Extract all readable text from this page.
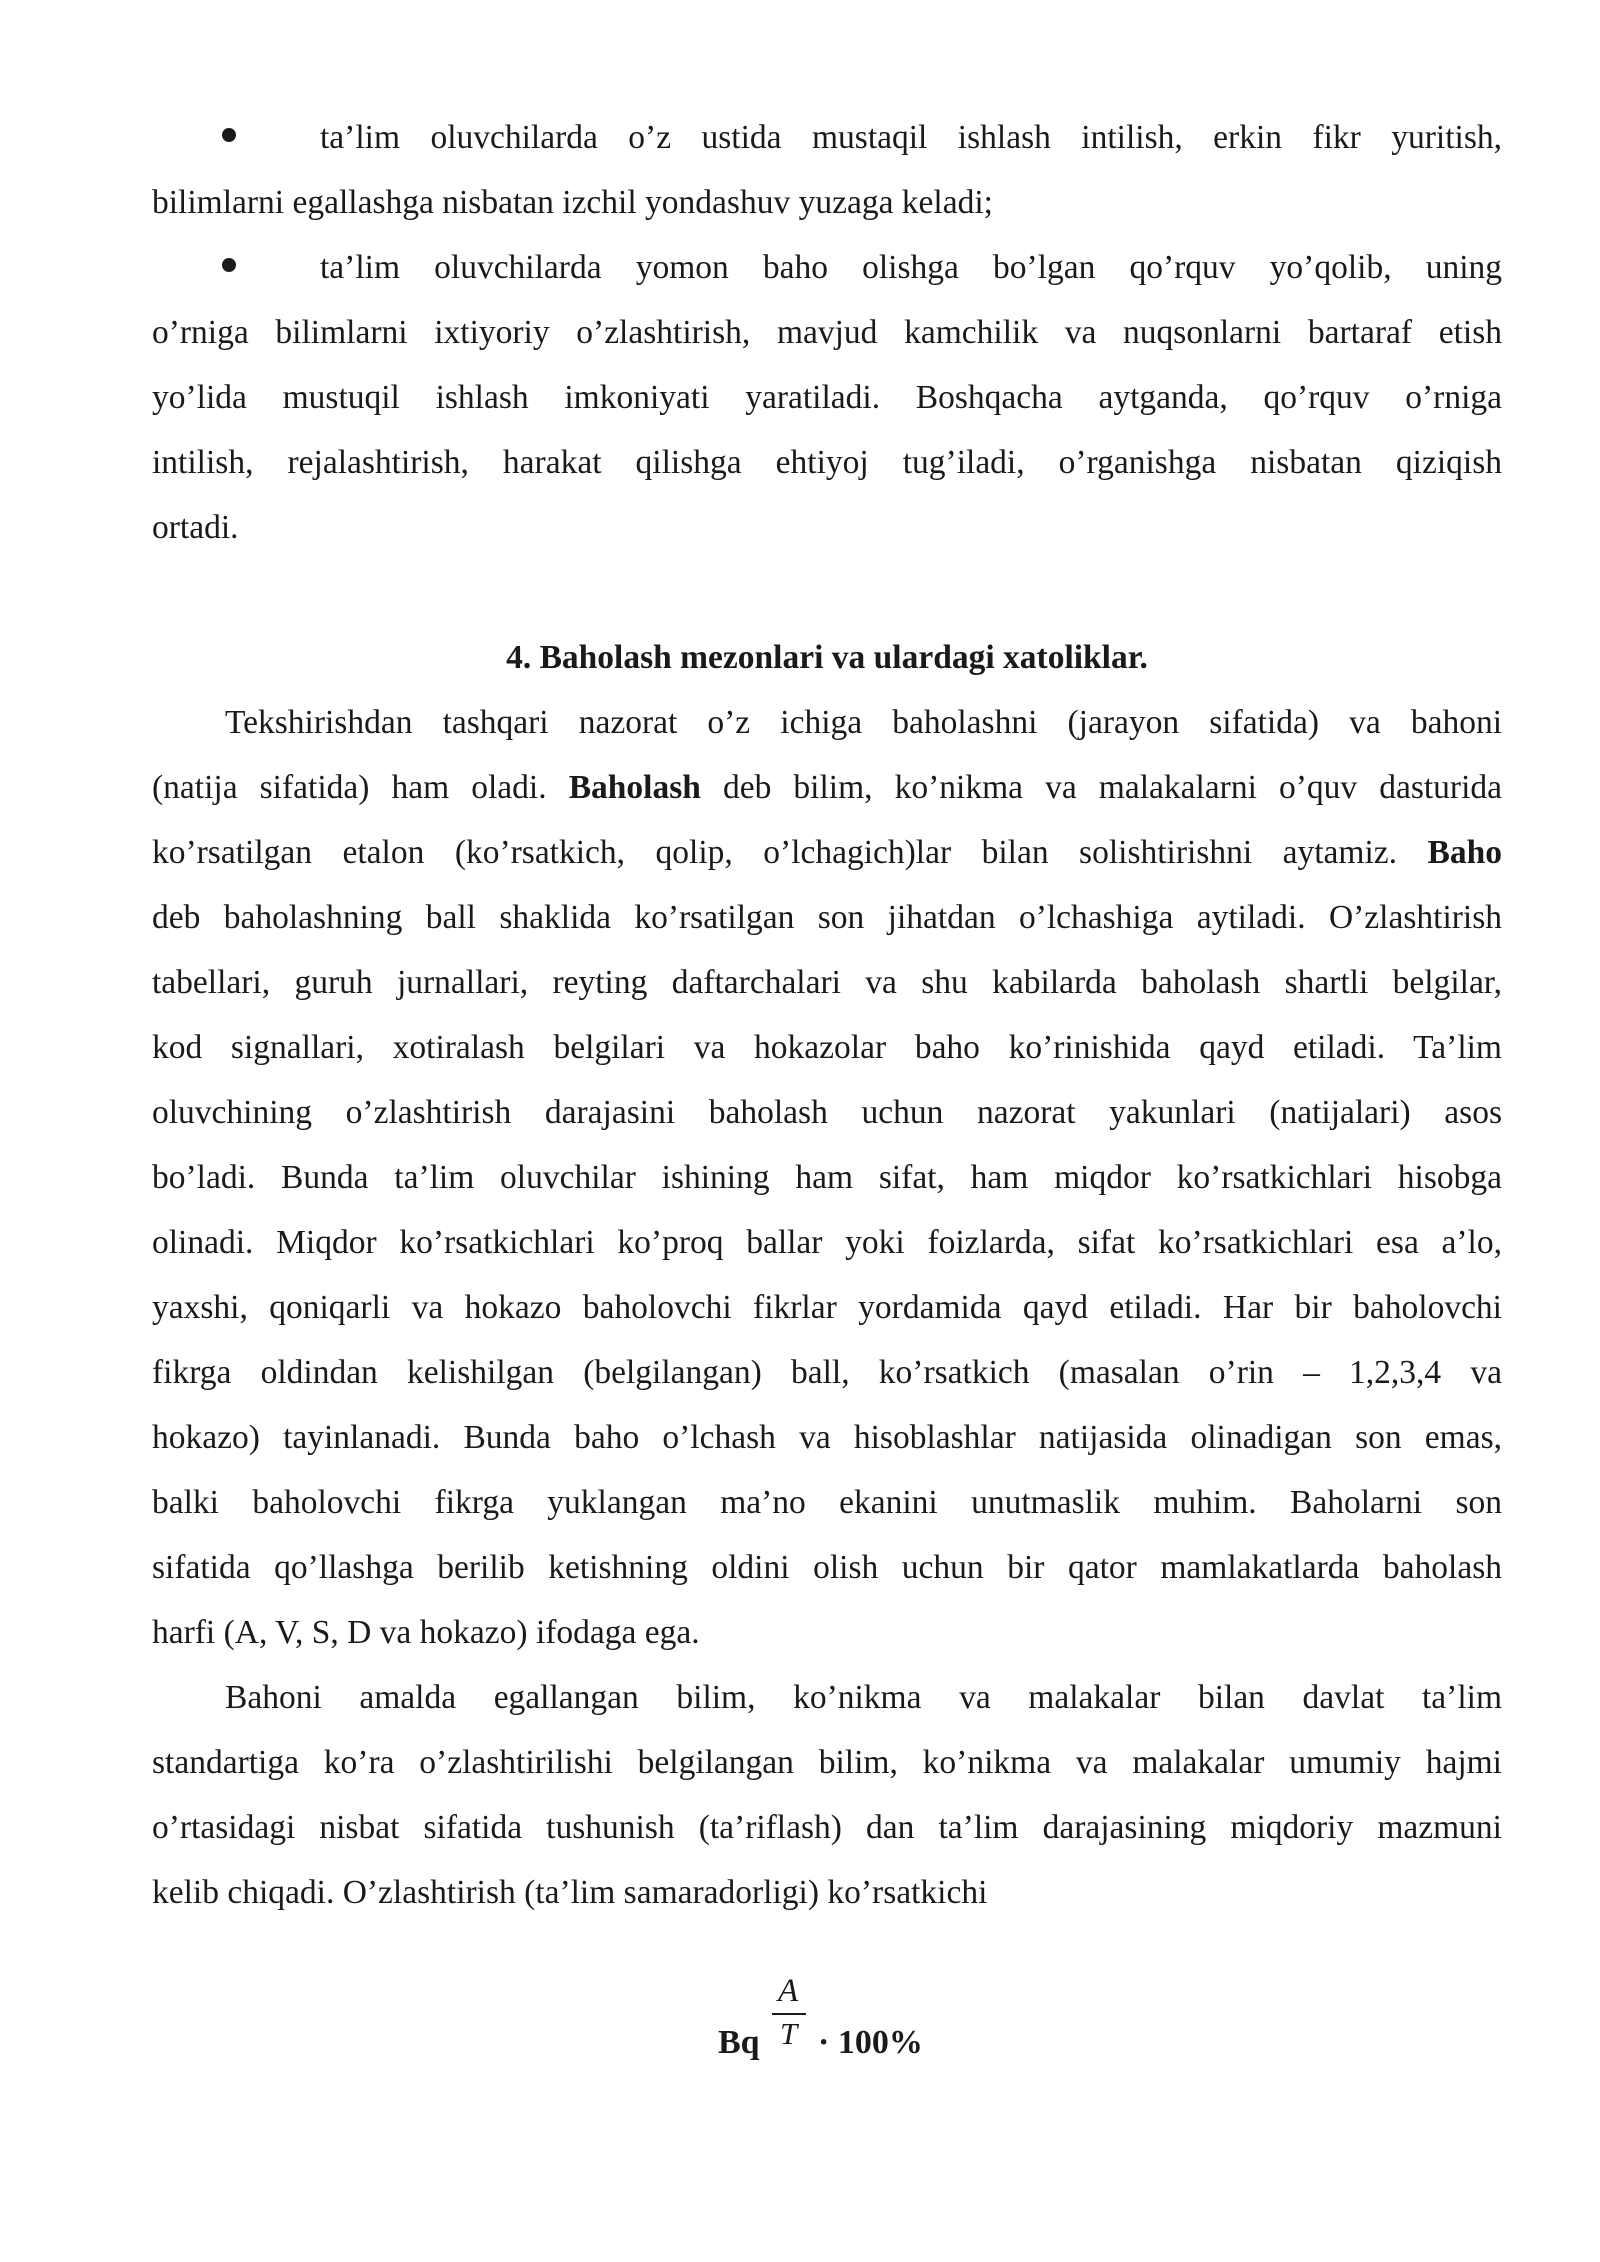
ta’lim oluvchilarda o’z ustida mustaqil ishlash intilish, erkin fikr yuritish,
bilimlarni egallashga nisbatan izchil yondashuv yuzaga keladi;
ta’lim oluvchilarda yomon baho olishga bo’lgan qo’rquv yo’qolib, uning
o’rniga bilimlarni ixtiyoriy o’zlashtirish, mavjud kamchilik va nuqsonlarni bartaraf etish
yo’lida mustuqil ishlash imkoniyati yaratiladi. Boshqacha aytganda, qo’rquv o’rniga
intilish, rejalashtirish, harakat qilishga ehtiyoj tug’iladi, o’rganishga nisbatan qiziqish
ortadi.
4. Baholash mezonlari va ulardagi xatoliklar.
Tekshirishdan tashqari nazorat o’z ichiga baholashni (jarayon sifatida) va bahoni
(natija sifatida) ham oladi. Baholash deb bilim, ko’nikma va malakalarni o’quv dasturida
ko’rsatilgan etalon (ko’rsatkich, qolip, o’lchagich)lar bilan solishtirishni aytamiz. Baho
deb baholashning ball shaklida ko’rsatilgan son jihatdan o’lchashiga aytiladi. O’zlashtirish
tabellari, guruh jurnallari, reyting daftarchalari va shu kabilarda baholash shartli belgilar,
kod signallari, xotiralash belgilari va hokazolar baho ko’rinishida qayd etiladi. Ta’lim
oluvchining o’zlashtirish darajasini baholash uchun nazorat yakunlari (natijalari) asos
bo’ladi. Bunda ta’lim oluvchilar ishining ham sifat, ham miqdor ko’rsatkichlari hisobga
olinadi. Miqdor ko’rsatkichlari ko’proq ballar yoki foizlarda, sifat ko’rsatkichlari esa a’lo,
yaxshi, qoniqarli va hokazo baholovchi fikrlar yordamida qayd etiladi. Har bir baholovchi
fikrga oldindan kelishilgan (belgilangan) ball, ko’rsatkich (masalan o’rin – 1,2,3,4 va
hokazo) tayinlanadi. Bunda baho o’lchash va hisoblashlar natijasida olinadigan son emas,
balki baholovchi fikrga yuklangan ma’no ekanini unutmaslik muhim. Baholarni son
sifatida qo’llashga berilib ketishning oldini olish uchun bir qator mamlakatlarda baholash
harfi (A, V, S, D va hokazo) ifodaga ega.
Bahoni amalda egallangan bilim, ko’nikma va malakalar bilan davlat ta’lim
standartiga ko’ra o’zlashtirilishi belgilangan bilim, ko’nikma va malakalar umumiy hajmi
o’rtasidagi nisbat sifatida tushunish (ta’riflash) dan ta’lim darajasining miqdoriy mazmuni
kelib chiqadi. O’zlashtirish (ta’lim samaradorligi) ko’rsatkichi
Bq
A
T · 100%
